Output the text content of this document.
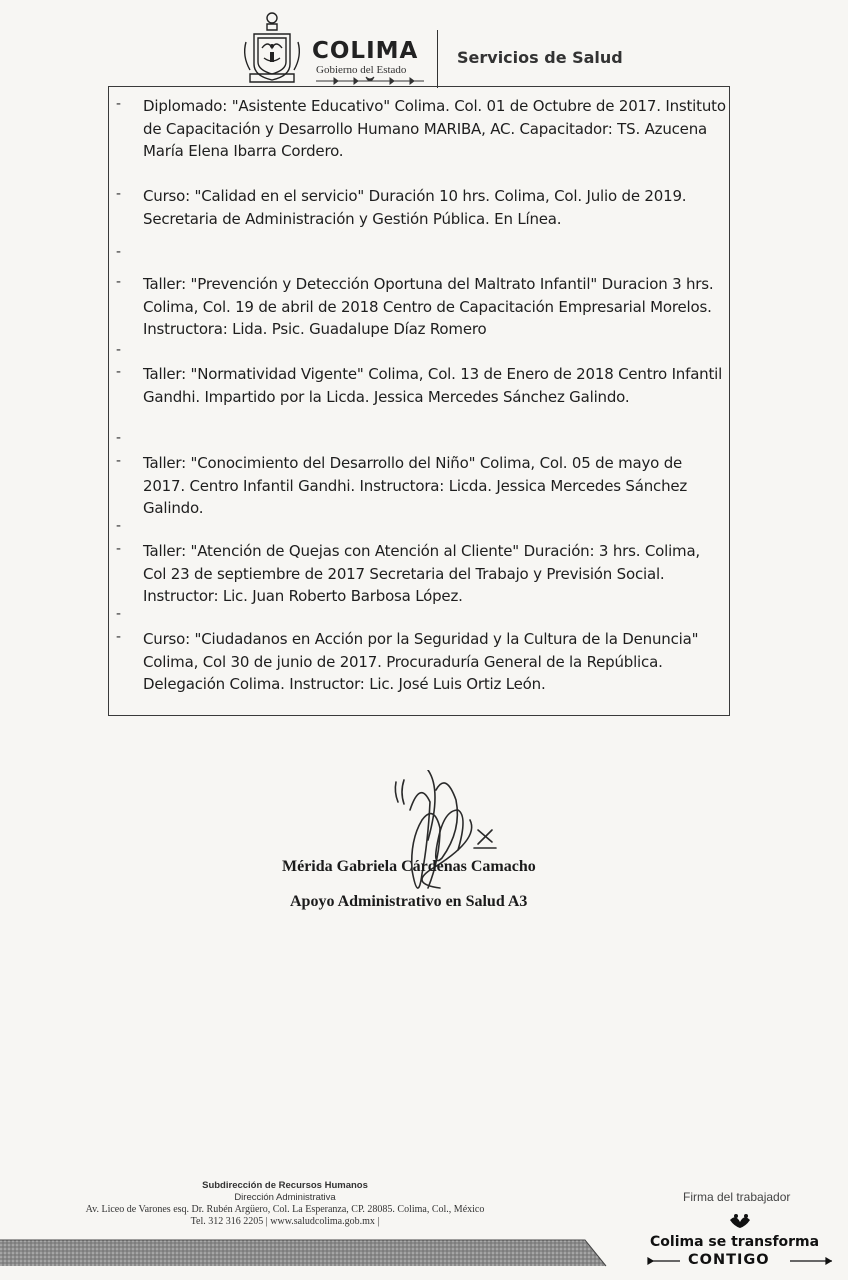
COLIMA
Gobierno del Estado
Servicios de Salud
- Diplomado: "Asistente Educativo" Colima. Col. 01 de Octubre de 2017. Instituto de Capacitación y Desarrollo Humano MARIBA, AC. Capacitador: TS. Azucena María Elena Ibarra Cordero.
- Curso: "Calidad en el servicio" Duración 10 hrs. Colima, Col. Julio de 2019. Secretaria de Administración y Gestión Pública. En Línea.
-
- Taller: "Prevención y Detección Oportuna del Maltrato Infantil" Duracion 3 hrs. Colima, Col. 19 de abril de 2018 Centro de Capacitación Empresarial Morelos. Instructora: Lida. Psic. Guadalupe Díaz Romero
-
- Taller: "Normatividad Vigente" Colima, Col. 13 de Enero de 2018 Centro Infantil Gandhi. Impartido por la Licda. Jessica Mercedes Sánchez Galindo.
-
- Taller: "Conocimiento del Desarrollo del Niño" Colima, Col. 05 de mayo de 2017. Centro Infantil Gandhi. Instructora: Licda. Jessica Mercedes Sánchez Galindo.
-
- Taller: "Atención de Quejas con Atención al Cliente" Duración: 3 hrs. Colima, Col 23 de septiembre de 2017 Secretaria del Trabajo y Previsión Social. Instructor: Lic. Juan Roberto Barbosa López.
-
- Curso: "Ciudadanos en Acción por la Seguridad y la Cultura de la Denuncia" Colima, Col 30 de junio de 2017. Procuraduría General de la República. Delegación Colima. Instructor: Lic. José Luis Ortiz León.
Mérida Gabriela Cárdenas Camacho
Apoyo Administrativo en Salud A3
Subdirección de Recursos Humanos
Dirección Administrativa
Av. Liceo de Varones esq. Dr. Rubén Argüero, Col. La Esperanza, CP. 28085. Colima, Col., México
Tel. 312 316 2205 | www.saludcolima.gob.mx |
Firma del trabajador
Colima se transforma
CONTIGO
